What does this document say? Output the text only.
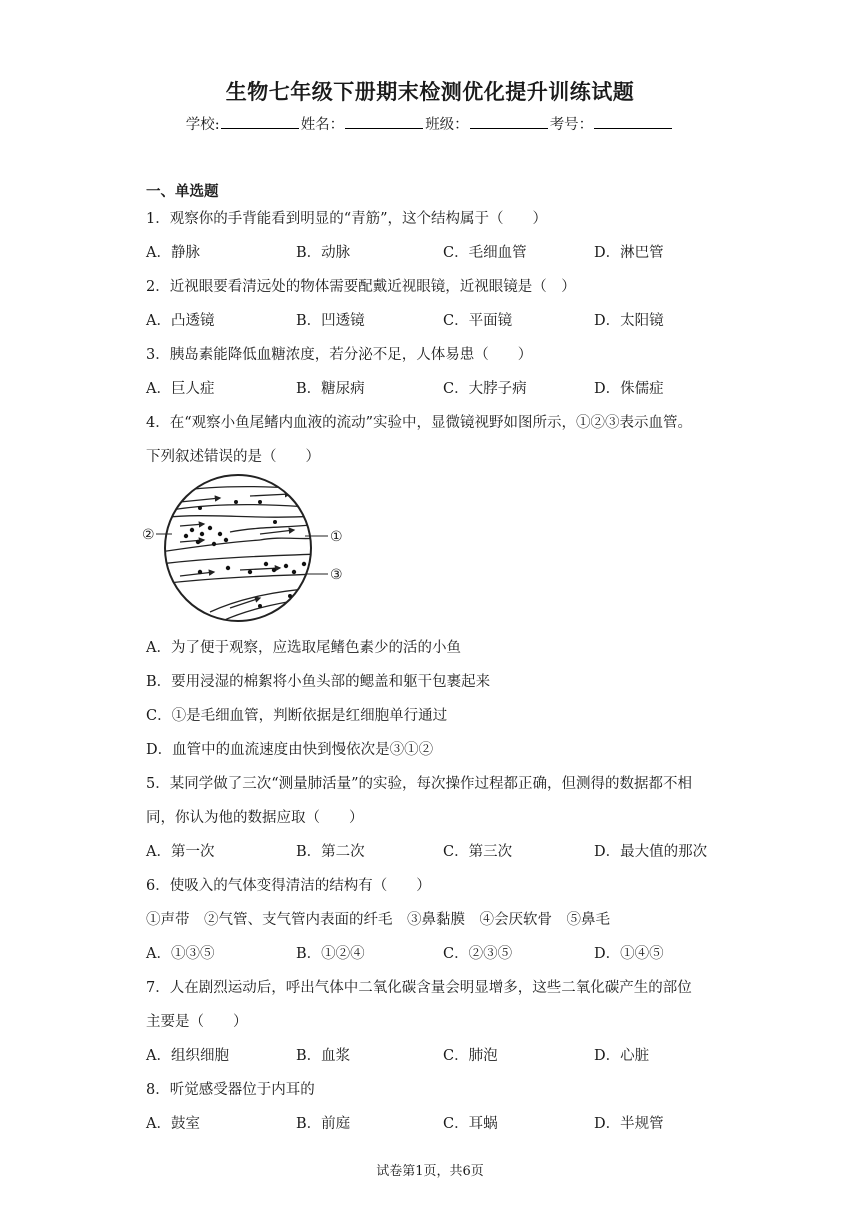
生物七年级下册期末检测优化提升训练试题
学校:	姓名：	班级：	考号：
一、单选题
1．观察你的手背能看到明显的“青筋”，这个结构属于（　　）
A．静脉	B．动脉	C．毛细血管	D．淋巴管
2．近视眼要看清远处的物体需要配戴近视眼镜，近视眼镜是（　）
A．凸透镜	B．凹透镜	C．平面镜	D．太阳镜
3．胰岛素能降低血糖浓度，若分泌不足，人体易患（　　）
A．巨人症	B．糖尿病	C．大脖子病	D．侏儒症
4．在“观察小鱼尾鳍内血液的流动”实验中，显微镜视野如图所示，①②③表示血管。
下列叙述错误的是（　　）
②	①
③
A．为了便于观察，应选取尾鳍色素少的活的小鱼
B．要用浸湿的棉絮将小鱼头部的鳃盖和躯干包裹起来
C．①是毛细血管，判断依据是红细胞单行通过
D．血管中的血流速度由快到慢依次是③①②
5．某同学做了三次“测量肺活量”的实验，每次操作过程都正确，但测得的数据都不相
同，你认为他的数据应取（　　）
A．第一次	B．第二次	C．第三次	D．最大值的那次
6．使吸入的气体变得清洁的结构有（　　）
①声带　②气管、支气管内表面的纤毛　③鼻黏膜　④会厌软骨　⑤鼻毛
A．①③⑤	B．①②④	C．②③⑤	D．①④⑤
7．人在剧烈运动后，呼出气体中二氧化碳含量会明显增多，这些二氧化碳产生的部位
主要是（　　）
A．组织细胞	B．血浆	C．肺泡	D．心脏
8．听觉感受器位于内耳的
A．鼓室	B．前庭	C．耳蜗	D．半规管
试卷第1页，共6页
